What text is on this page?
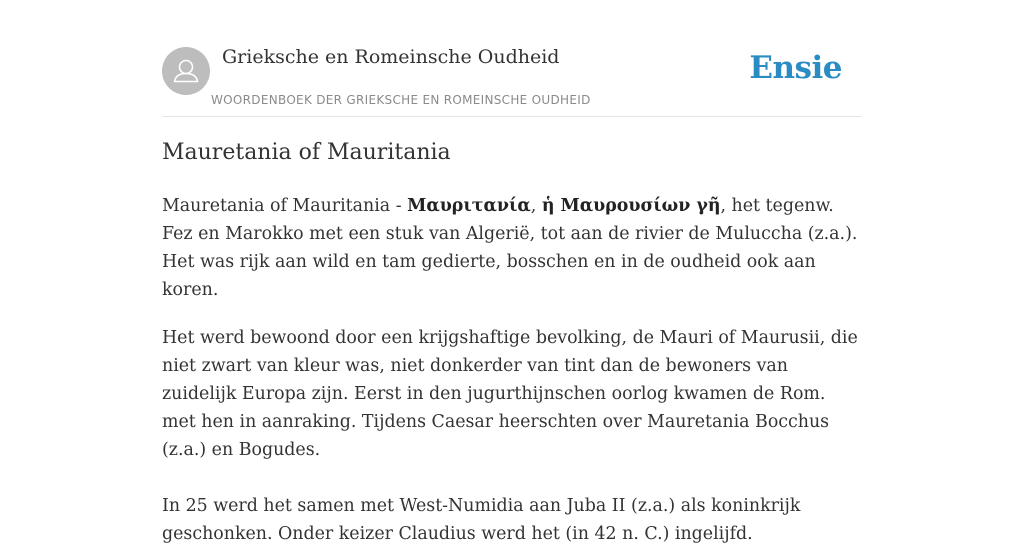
Grieksche en Romeinsche Oudheid
WOORDENBOEK DER GRIEKSCHE EN ROMEINSCHE OUDHEID
Ensie
Mauretania of Mauritania

Mauretania of Mauritania - Μαυριτανία, ἡ Μαυρουσίων γῆ, het tegenw. Fez en Marokko met een stuk van Algerië, tot aan de rivier de Muluccha (z.a.). Het was rijk aan wild en tam gedierte, bosschen en in de oudheid ook aan koren.

Het werd bewoond door een krijgshaftige bevolking, de Mauri of Maurusii, die niet zwart van kleur was, niet donkerder van tint dan de bewoners van zuidelijk Europa zijn. Eerst in den jugurthijnschen oorlog kwamen de Rom. met hen in aanraking. Tijdens Caesar heerschten over Mauretania Bocchus (z.a.) en Bogudes.

In 25 werd het samen met West-Numidia aan Juba II (z.a.) als koninkrijk geschonken. Onder keizer Claudius werd het (in 42 n. C.) ingelijfd.
